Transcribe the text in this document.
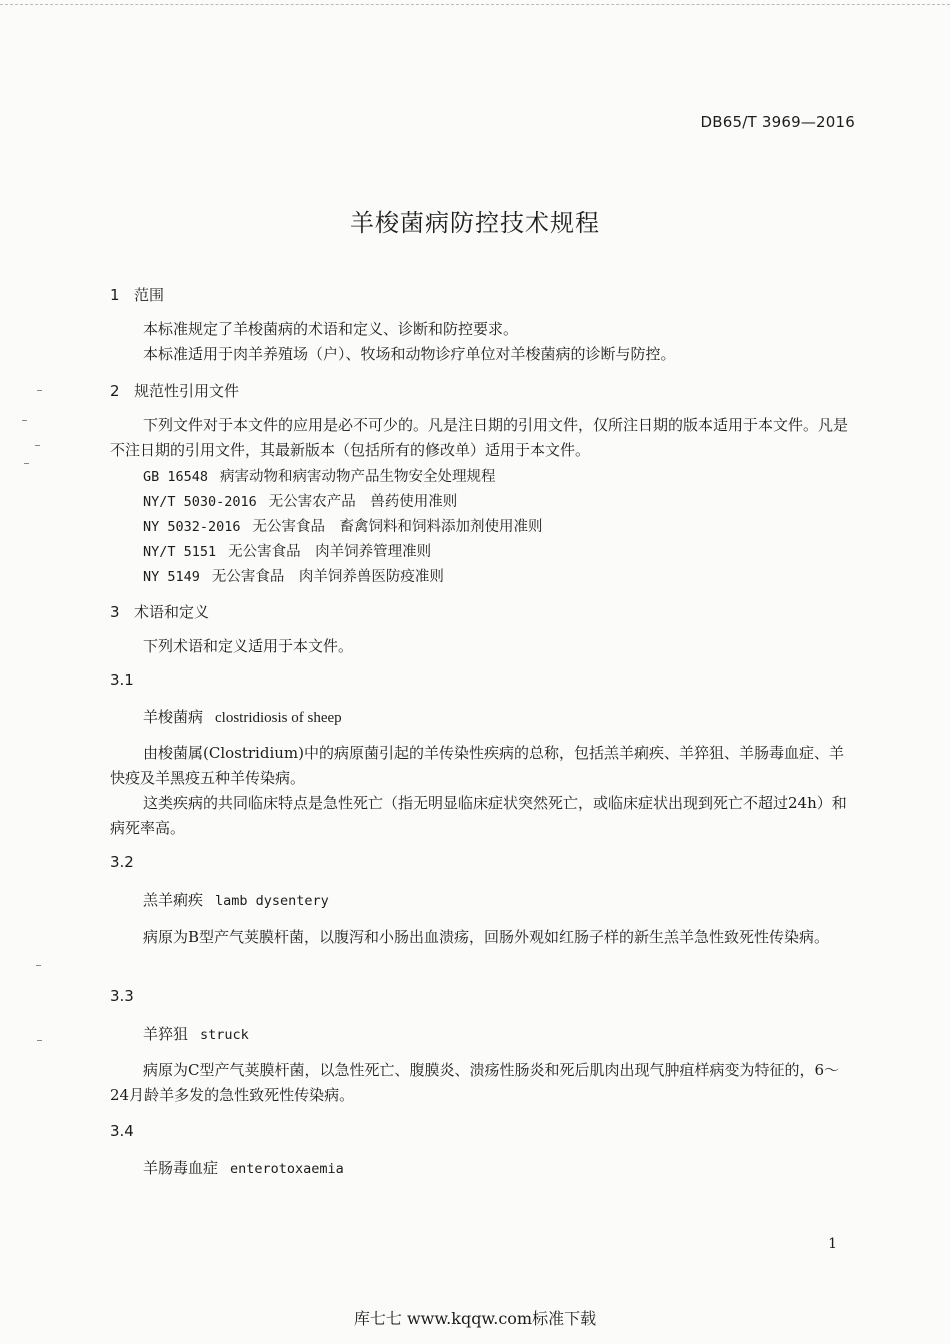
DB65/T 3969—2016
羊梭菌病防控技术规程
1 范围
本标准规定了羊梭菌病的术语和定义、诊断和防控要求。
本标准适用于肉羊养殖场（户）、牧场和动物诊疗单位对羊梭菌病的诊断与防控。
2 规范性引用文件
下列文件对于本文件的应用是必不可少的。凡是注日期的引用文件，仅所注日期的版本适用于本文件。凡是不注日期的引用文件，其最新版本（包括所有的修改单）适用于本文件。
GB 16548 病害动物和病害动物产品生物安全处理规程
NY/T 5030-2016 无公害农产品　兽药使用准则
NY 5032-2016 无公害食品　畜禽饲料和饲料添加剂使用准则
NY/T 5151 无公害食品　肉羊饲养管理准则
NY 5149 无公害食品　肉羊饲养兽医防疫准则
3 术语和定义
下列术语和定义适用于本文件。
3.1
羊梭菌病 clostridiosis of sheep
由梭菌属(Clostridium)中的病原菌引起的羊传染性疾病的总称，包括羔羊痢疾、羊猝狙、羊肠毒血症、羊快疫及羊黑疫五种羊传染病。
这类疾病的共同临床特点是急性死亡（指无明显临床症状突然死亡，或临床症状出现到死亡不超过24h）和病死率高。
3.2
羔羊痢疾 lamb dysentery
病原为B型产气荚膜杆菌，以腹泻和小肠出血溃疡，回肠外观如红肠子样的新生羔羊急性致死性传染病。
3.3
羊猝狙 struck
病原为C型产气荚膜杆菌，以急性死亡、腹膜炎、溃疡性肠炎和死后肌肉出现气肿疽样病变为特征的，6～24月龄羊多发的急性致死性传染病。
3.4
羊肠毒血症 enterotoxaemia
1
库七七 www.kqqw.com标准下载
